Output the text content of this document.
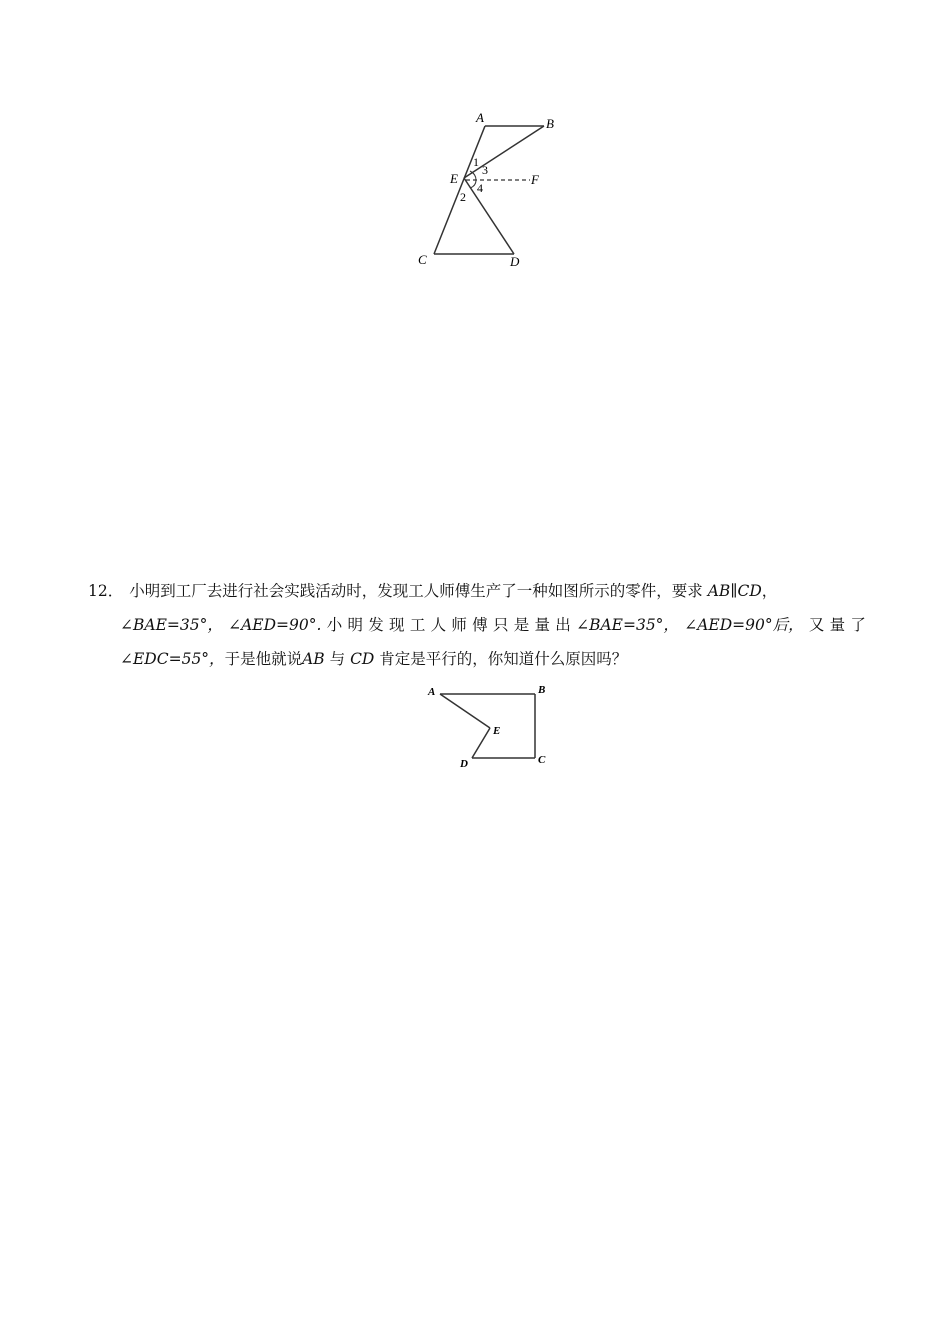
A	B
E	F
C	D
1
3
4
2
12． 小明到工厂去进行社会实践活动时，发现工人师傅生产了一种如图所示的零件，要求 AB∥CD，
∠BAE=35°， ∠AED=90°. 小 明 发 现 工 人 师 傅 只 是 量 出 ∠BAE=35°， ∠AED=90°后， 又 量 了
∠EDC=55°，于是他就说AB 与 CD 肯定是平行的，你知道什么原因吗？
A	B
E
C
D
